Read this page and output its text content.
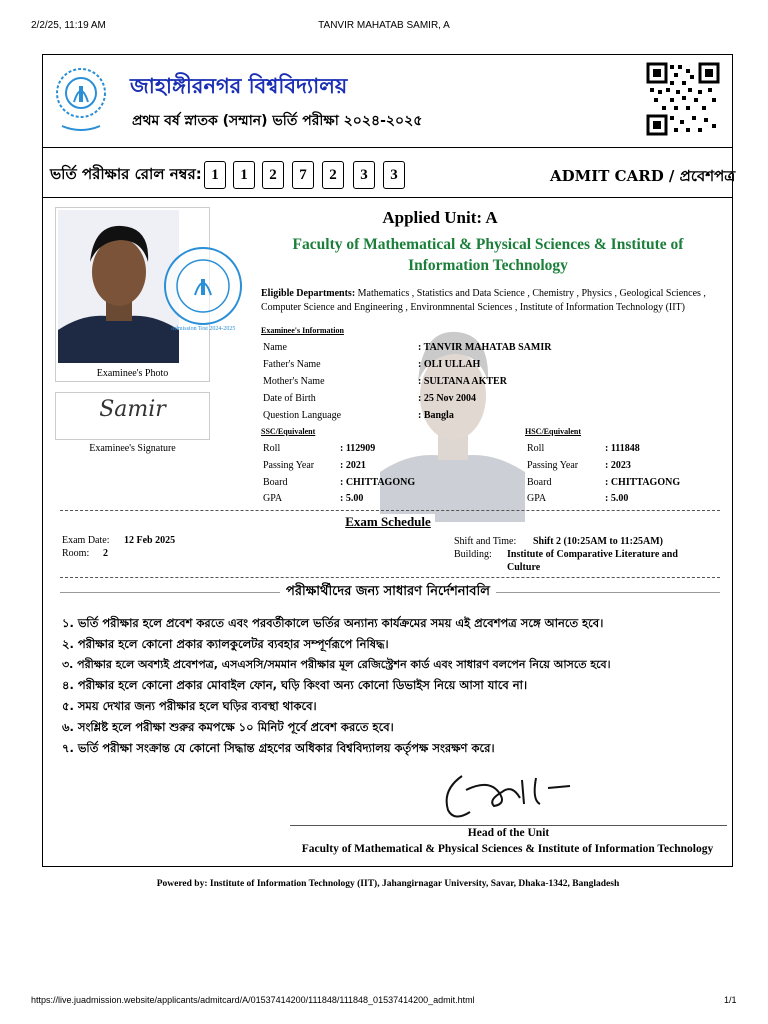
2/2/25, 11:19 AM	TANVIR MAHATAB SAMIR, A
জাহাঙ্গীরনগর বিশ্ববিদ্যালয়
প্রথম বর্ষ স্নাতক (সম্মান) ভর্তি পরীক্ষা ২০২৪-২০২৫
ভর্তি পরীক্ষার রোল নম্বর: 1	1	2	7	2	3	3	ADMIT CARD / প্রবেশপত্র
Admission Test 2024-2025
Examinee's Photo
Samir
Examinee's Signature
Applied Unit: A
Faculty of Mathematical & Physical Sciences & Institute of
Information Technology
Eligible Departments: Mathematics , Statistics and Data Science , Chemistry , Physics , Geological Sciences ,
Computer Science and Engineering , Environmnental Sciences , Institute of Information Technology (IIT)
Examinee's Information
Name	: TANVIR MAHATAB SAMIR
Father's Name	: OLI ULLAH
Mother's Name	: SULTANA AKTER
Date of Birth	: 25 Nov 2004
Question Language	: Bangla
SSC/Equivalent
Roll	: 112909
Passing Year	: 2021
Board	: CHITTAGONG
GPA	: 5.00
HSC/Equivalent
Roll	: 111848
Passing Year	: 2023
Board	: CHITTAGONG
GPA	: 5.00
Exam Schedule
Exam Date: 12 Feb 2025
Room: 2
Shift and Time: Shift 2 (10:25AM to 11:25AM)
Building: Institute of Comparative Literature and
Culture
পরীক্ষার্থীদের জন্য সাধারণ নির্দেশনাবলি
১. ভর্তি পরীক্ষার হলে প্রবেশ করতে এবং পরবর্তীকালে ভর্তির অন্যান্য কার্যক্রমের সময় এই প্রবেশপত্র সঙ্গে আনতে হবে।
২. পরীক্ষার হলে কোনো প্রকার ক্যালকুলেটর ব্যবহার সম্পূর্ণরূপে নিষিদ্ধ।
৩. পরীক্ষার হলে অবশ্যই প্রবেশপত্র, এসএসসি/সমমান পরীক্ষার মূল রেজিস্ট্রেশন কার্ড এবং সাধারণ বলপেন নিয়ে আসতে হবে।
৪. পরীক্ষার হলে কোনো প্রকার মোবাইল ফোন, ঘড়ি কিংবা অন্য কোনো ডিভাইস নিয়ে আসা যাবে না।
৫. সময় দেখার জন্য পরীক্ষার হলে ঘড়ির ব্যবস্থা থাকবে।
৬. সংশ্লিষ্ট হলে পরীক্ষা শুরুর কমপক্ষে ১০ মিনিট পূর্বে প্রবেশ করতে হবে।
৭. ভর্তি পরীক্ষা সংক্রান্ত যে কোনো সিদ্ধান্ত গ্রহণের অধিকার বিশ্ববিদ্যালয় কর্তৃপক্ষ সংরক্ষণ করে।
Head of the Unit
Faculty of Mathematical & Physical Sciences & Institute of Information Technology
Powered by: Institute of Information Technology (IIT), Jahangirnagar University, Savar, Dhaka-1342, Bangladesh
https://live.juadmission.website/applicants/admitcard/A/01537414200/111848/111848_01537414200_admit.html	1/1
